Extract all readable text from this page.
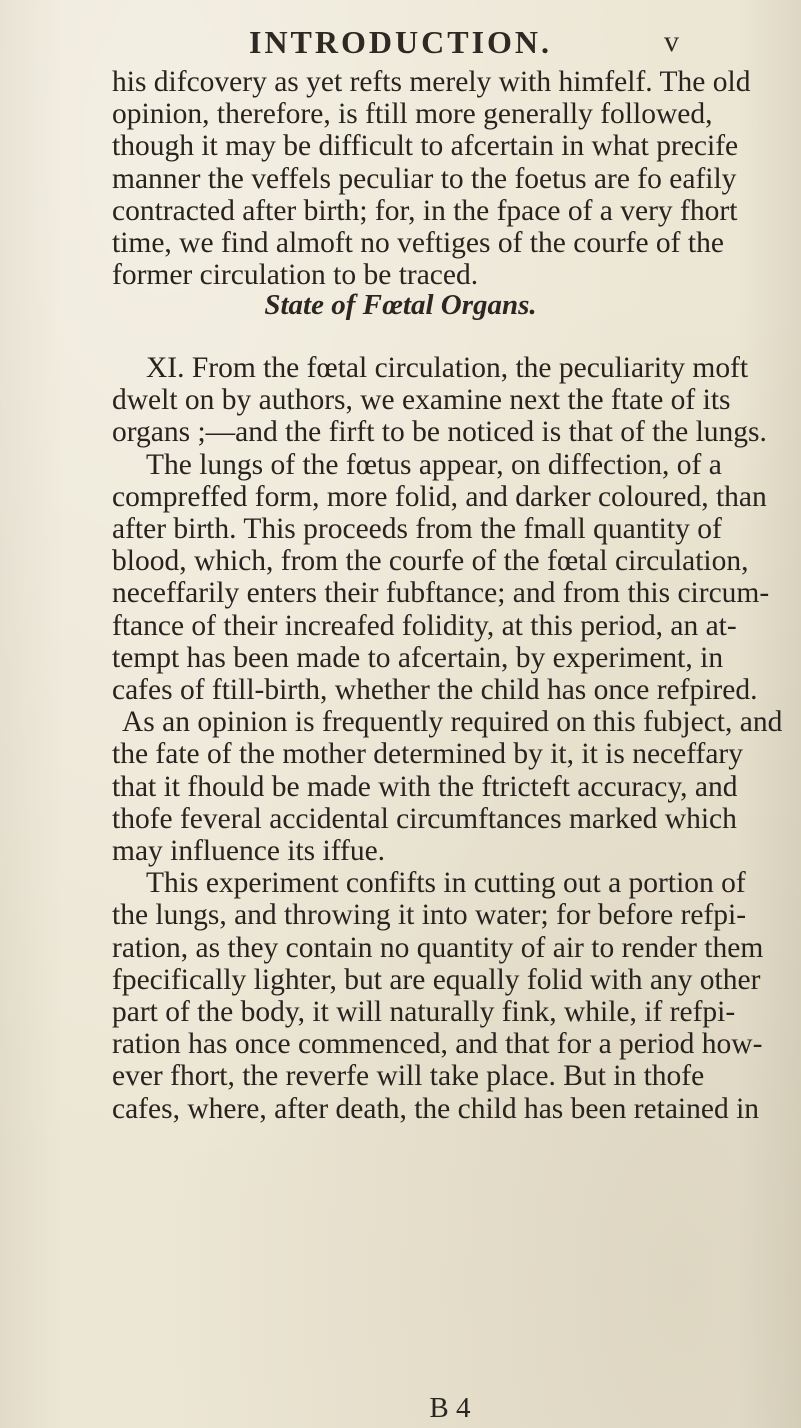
INTRODUCTION.	v
his difcovery as yet refts merely with himfelf. The old
opinion, therefore, is ftill more generally followed,
though it may be difficult to afcertain in what precife
manner the veffels peculiar to the foetus are fo eafily
contracted after birth; for, in the fpace of a very fhort
time, we find almoft no veftiges of the courfe of the
former circulation to be traced.
State of Fœtal Organs.
XI. From the fœtal circulation, the peculiarity moft
dwelt on by authors, we examine next the ftate of its
organs ;—and the firft to be noticed is that of the lungs.
The lungs of the fœtus appear, on diffection, of a
compreffed form, more folid, and darker coloured, than
after birth. This proceeds from the fmall quantity of
blood, which, from the courfe of the fœtal circulation,
neceffarily enters their fubftance; and from this circum-
ftance of their increafed folidity, at this period, an at-
tempt has been made to afcertain, by experiment, in
cafes of ftill-birth, whether the child has once refpired.
As an opinion is frequently required on this fubject, and
the fate of the mother determined by it, it is neceffary
that it fhould be made with the ftricteft accuracy, and
thofe feveral accidental circumftances marked which
may influence its iffue.
This experiment confifts in cutting out a portion of
the lungs, and throwing it into water; for before refpi-
ration, as they contain no quantity of air to render them
fpecifically lighter, but are equally folid with any other
part of the body, it will naturally fink, while, if refpi-
ration has once commenced, and that for a period how-
ever fhort, the reverfe will take place. But in thofe
cafes, where, after death, the child has been retained in
B 4
